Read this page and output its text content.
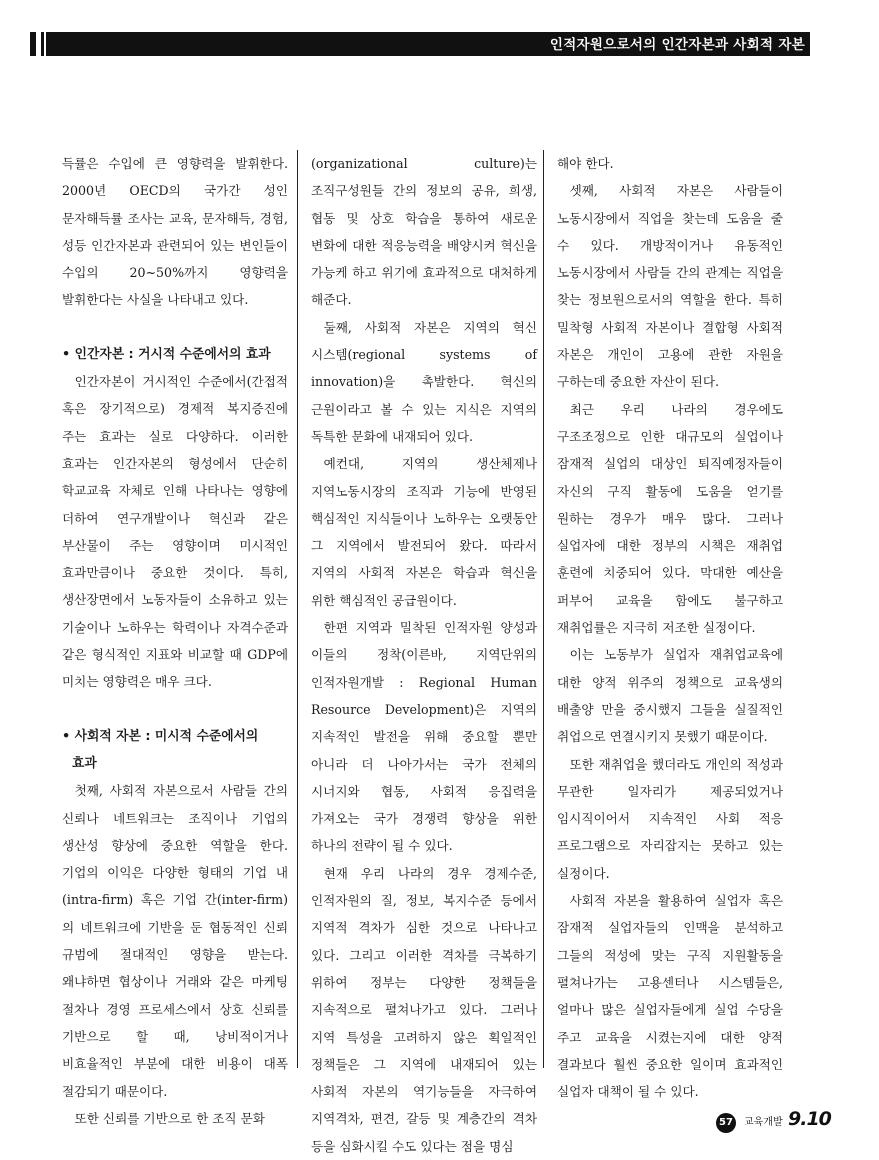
인적자원으로서의 인간자본과 사회적 자본

득률은 수입에 큰 영향력을 발휘한다. 2000년 OECD의 국가간 성인 문자해득률 조사는 교육, 문자해득, 경험, 성등 인간자본과 관련되어 있는 변인들이 수입의 20~50%까지 영향력을 발휘한다는 사실을 나타내고 있다.

• 인간자본 : 거시적 수준에서의 효과

인간자본이 거시적인 수준에서(간접적 혹은 장기적으로) 경제적 복지증진에 주는 효과는 실로 다양하다. 이러한 효과는 인간자본의 형성에서 단순히 학교교육 자체로 인해 나타나는 영향에 더하여 연구개발이나 혁신과 같은 부산물이 주는 영향이며 미시적인 효과만큼이나 중요한 것이다. 특히, 생산장면에서 노동자들이 소유하고 있는 기술이나 노하우는 학력이나 자격수준과 같은 형식적인 지표와 비교할 때 GDP에 미치는 영향력은 매우 크다.

• 사회적 자본 : 미시적 수준에서의
효과

첫째, 사회적 자본으로서 사람들 간의 신뢰나 네트워크는 조직이나 기업의 생산성 향상에 중요한 역할을 한다. 기업의 이익은 다양한 형태의 기업 내(intra-firm) 혹은 기업 간(inter-firm)의 네트워크에 기반을 둔 협동적인 신뢰 규범에 절대적인 영향을 받는다. 왜냐하면 협상이나 거래와 같은 마케팅 절차나 경영 프로세스에서 상호 신뢰를 기반으로 할 때, 낭비적이거나 비효율적인 부분에 대한 비용이 대폭 절감되기 때문이다.

또한 신뢰를 기반으로 한 조직 문화

(organizational culture)는 조직구성원들 간의 정보의 공유, 희생, 협동 및 상호 학습을 통하여 새로운 변화에 대한 적응능력을 배양시켜 혁신을 가능케 하고 위기에 효과적으로 대처하게 해준다.

둘째, 사회적 자본은 지역의 혁신 시스템(regional systems of innovation)을 촉발한다. 혁신의 근원이라고 볼 수 있는 지식은 지역의 독특한 문화에 내재되어 있다.

예컨대, 지역의 생산체제나 지역노동시장의 조직과 기능에 반영된 핵심적인 지식들이나 노하우는 오랫동안 그 지역에서 발전되어 왔다. 따라서 지역의 사회적 자본은 학습과 혁신을 위한 핵심적인 공급원이다.

한편 지역과 밀착된 인적자원 양성과 이들의 정착(이른바, 지역단위의 인적자원개발 : Regional Human Resource Development)은 지역의 지속적인 발전을 위해 중요할 뿐만 아니라 더 나아가서는 국가 전체의 시너지와 협동, 사회적 응집력을 가져오는 국가 경쟁력 향상을 위한 하나의 전략이 될 수 있다.

현재 우리 나라의 경우 경제수준, 인적자원의 질, 정보, 복지수준 등에서 지역적 격차가 심한 것으로 나타나고 있다. 그리고 이러한 격차를 극복하기 위하여 정부는 다양한 정책들을 지속적으로 펼쳐나가고 있다. 그러나 지역 특성을 고려하지 않은 획일적인 정책들은 그 지역에 내재되어 있는 사회적 자본의 역기능들을 자극하여 지역격차, 편견, 갈등 및 계층간의 격차 등을 심화시킬 수도 있다는 점을 명심

해야 한다.

셋째, 사회적 자본은 사람들이 노동시장에서 직업을 찾는데 도움을 줄 수 있다. 개방적이거나 유동적인 노동시장에서 사람들 간의 관계는 직업을 찾는 정보원으로서의 역할을 한다. 특히 밀착형 사회적 자본이나 결합형 사회적 자본은 개인이 고용에 관한 자원을 구하는데 중요한 자산이 된다.

최근 우리 나라의 경우에도 구조조정으로 인한 대규모의 실업이나 잠재적 실업의 대상인 퇴직예정자들이 자신의 구직 활동에 도움을 얻기를 원하는 경우가 매우 많다. 그러나 실업자에 대한 정부의 시책은 재취업 훈련에 치중되어 있다. 막대한 예산을 퍼부어 교육을 함에도 불구하고 재취업률은 지극히 저조한 실정이다.

이는 노동부가 실업자 재취업교육에 대한 양적 위주의 정책으로 교육생의 배출양 만을 중시했지 그들을 실질적인 취업으로 연결시키지 못했기 때문이다.

또한 재취업을 했더라도 개인의 적성과 무관한 일자리가 제공되었거나 임시직이어서 지속적인 사회 적응 프로그램으로 자리잡지는 못하고 있는 실정이다.

사회적 자본을 활용하여 실업자 혹은 잠재적 실업자들의 인맥을 분석하고 그들의 적성에 맞는 구직 지원활동을 펼쳐나가는 고용센터나 시스템들은, 얼마나 많은 실업자들에게 실업 수당을 주고 교육을 시켰는지에 대한 양적 결과보다 훨씬 중요한 일이며 효과적인 실업자 대책이 될 수 있다.

57	교육개발 9.10
